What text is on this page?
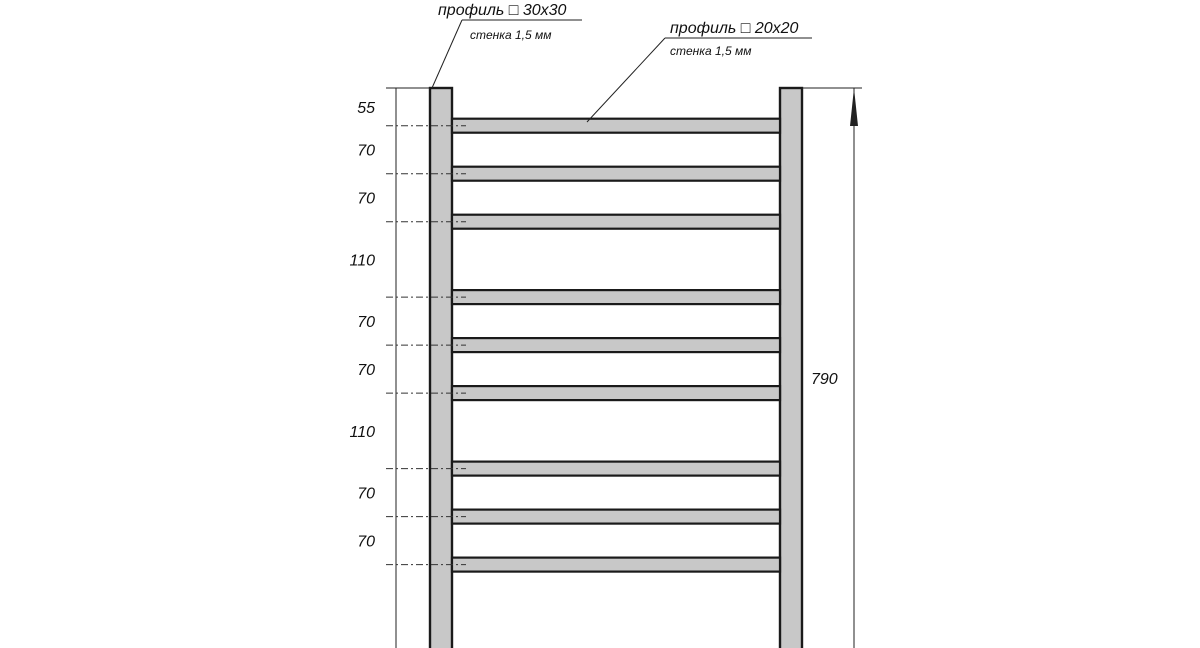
55
70
70
110
70
70
110
70
70
790
профиль □ 30x30
стенка 1,5 мм	профиль □ 20x20
стенка 1,5 мм
